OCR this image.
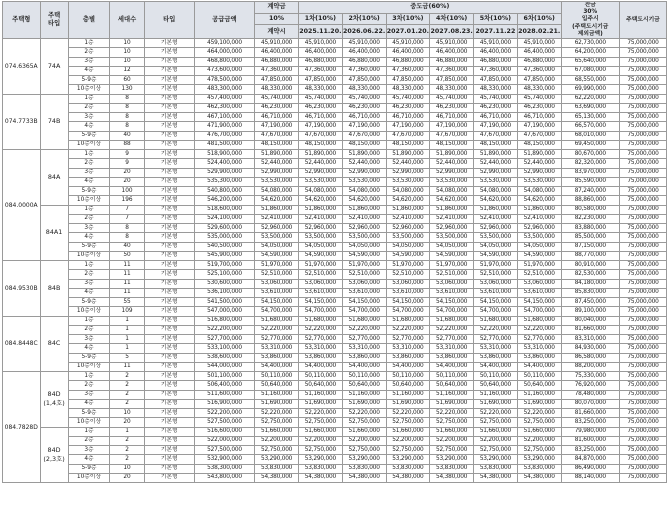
주택형	주택
타입	층별	세대수	타입	공급금액	계약금	중도금(60%)						잔금
30%
입주시
(주택도시기금
제외금액)	주택도시기금
						10%	1차(10%)	2차(10%)	3차(10%)	4차(10%)	5차(10%)	6차(10%)		
						계약시	2025.11.20.	2026.06.22.	2027.01.20.	2027.08.23.	2027.11.22	2028.02.21.		
074.6365A	74A	1층	10	기본형	459,100,000	45,910,000	45,910,000	45,910,000	45,910,000	45,910,000	45,910,000	45,910,000	62,730,000	75,000,000
		2층	10	기본형	464,000,000	46,400,000	46,400,000	46,400,000	46,400,000	46,400,000	46,400,000	46,400,000	64,200,000	75,000,000
		3층	10	기본형	468,800,000	46,880,000	46,880,000	46,880,000	46,880,000	46,880,000	46,880,000	46,880,000	65,640,000	75,000,000
		4층	12	기본형	473,600,000	47,360,000	47,360,000	47,360,000	47,360,000	47,360,000	47,360,000	47,360,000	67,080,000	75,000,000
		5-9층	60	기본형	478,500,000	47,850,000	47,850,000	47,850,000	47,850,000	47,850,000	47,850,000	47,850,000	68,550,000	75,000,000
		10층이상	130	기본형	483,300,000	48,330,000	48,330,000	48,330,000	48,330,000	48,330,000	48,330,000	48,330,000	69,990,000	75,000,000
074.7733B	74B	1층	8	기본형	457,400,000	45,740,000	45,740,000	45,740,000	45,740,000	45,740,000	45,740,000	45,740,000	62,220,000	75,000,000
		2층	8	기본형	462,300,000	46,230,000	46,230,000	46,230,000	46,230,000	46,230,000	46,230,000	46,230,000	63,690,000	75,000,000
		3층	8	기본형	467,100,000	46,710,000	46,710,000	46,710,000	46,710,000	46,710,000	46,710,000	46,710,000	65,130,000	75,000,000
		4층	8	기본형	471,900,000	47,190,000	47,190,000	47,190,000	47,190,000	47,190,000	47,190,000	47,190,000	66,570,000	75,000,000
		5-9층	40	기본형	476,700,000	47,670,000	47,670,000	47,670,000	47,670,000	47,670,000	47,670,000	47,670,000	68,010,000	75,000,000
		10층이상	88	기본형	481,500,000	48,150,000	48,150,000	48,150,000	48,150,000	48,150,000	48,150,000	48,150,000	69,450,000	75,000,000
084.0000A	84A	1층	9	기본형	518,900,000	51,890,000	51,890,000	51,890,000	51,890,000	51,890,000	51,890,000	51,890,000	80,670,000	75,000,000
		2층	9	기본형	524,400,000	52,440,000	52,440,000	52,440,000	52,440,000	52,440,000	52,440,000	52,440,000	82,320,000	75,000,000
		3층	20	기본형	529,900,000	52,990,000	52,990,000	52,990,000	52,990,000	52,990,000	52,990,000	52,990,000	83,970,000	75,000,000
		4층	20	기본형	535,300,000	53,530,000	53,530,000	53,530,000	53,530,000	53,530,000	53,530,000	53,530,000	85,590,000	75,000,000
		5-9층	100	기본형	540,800,000	54,080,000	54,080,000	54,080,000	54,080,000	54,080,000	54,080,000	54,080,000	87,240,000	75,000,000
		10층이상	196	기본형	546,200,000	54,620,000	54,620,000	54,620,000	54,620,000	54,620,000	54,620,000	54,620,000	88,860,000	75,000,000
	84A1	1층	7	기본형	518,600,000	51,860,000	51,860,000	51,860,000	51,860,000	51,860,000	51,860,000	51,860,000	80,580,000	75,000,000
		2층	7	기본형	524,100,000	52,410,000	52,410,000	52,410,000	52,410,000	52,410,000	52,410,000	52,410,000	82,230,000	75,000,000
		3층	8	기본형	529,600,000	52,960,000	52,960,000	52,960,000	52,960,000	52,960,000	52,960,000	52,960,000	83,880,000	75,000,000
		4층	8	기본형	535,000,000	53,500,000	53,500,000	53,500,000	53,500,000	53,500,000	53,500,000	53,500,000	85,500,000	75,000,000
		5-9층	40	기본형	540,500,000	54,050,000	54,050,000	54,050,000	54,050,000	54,050,000	54,050,000	54,050,000	87,150,000	75,000,000
		10층이상	50	기본형	545,900,000	54,590,000	54,590,000	54,590,000	54,590,000	54,590,000	54,590,000	54,590,000	88,770,000	75,000,000
084.9530B	84B	1층	11	기본형	519,700,000	51,970,000	51,970,000	51,970,000	51,970,000	51,970,000	51,970,000	51,970,000	80,910,000	75,000,000
		2층	11	기본형	525,100,000	52,510,000	52,510,000	52,510,000	52,510,000	52,510,000	52,510,000	52,510,000	82,530,000	75,000,000
		3층	11	기본형	530,600,000	53,060,000	53,060,000	53,060,000	53,060,000	53,060,000	53,060,000	53,060,000	84,180,000	75,000,000
		4층	11	기본형	536,100,000	53,610,000	53,610,000	53,610,000	53,610,000	53,610,000	53,610,000	53,610,000	85,830,000	75,000,000
		5-9층	55	기본형	541,500,000	54,150,000	54,150,000	54,150,000	54,150,000	54,150,000	54,150,000	54,150,000	87,450,000	75,000,000
		10층이상	109	기본형	547,000,000	54,700,000	54,700,000	54,700,000	54,700,000	54,700,000	54,700,000	54,700,000	89,100,000	75,000,000
084.8448C	84C	1층	1	기본형	516,800,000	51,680,000	51,680,000	51,680,000	51,680,000	51,680,000	51,680,000	51,680,000	80,040,000	75,000,000
		2층	1	기본형	522,200,000	52,220,000	52,220,000	52,220,000	52,220,000	52,220,000	52,220,000	52,220,000	81,660,000	75,000,000
		3층	1	기본형	527,700,000	52,770,000	52,770,000	52,770,000	52,770,000	52,770,000	52,770,000	52,770,000	83,310,000	75,000,000
		4층	1	기본형	533,100,000	53,310,000	53,310,000	53,310,000	53,310,000	53,310,000	53,310,000	53,310,000	84,930,000	75,000,000
		5-9층	5	기본형	538,600,000	53,860,000	53,860,000	53,860,000	53,860,000	53,860,000	53,860,000	53,860,000	86,580,000	75,000,000
		10층이상	11	기본형	544,000,000	54,400,000	54,400,000	54,400,000	54,400,000	54,400,000	54,400,000	54,400,000	88,200,000	75,000,000
084.7828D	84D
(1,4호)	1층	2	기본형	501,100,000	50,110,000	50,110,000	50,110,000	50,110,000	50,110,000	50,110,000	50,110,000	75,330,000	75,000,000
		2층	2	기본형	506,400,000	50,640,000	50,640,000	50,640,000	50,640,000	50,640,000	50,640,000	50,640,000	76,920,000	75,000,000
		3층	2	기본형	511,600,000	51,160,000	51,160,000	51,160,000	51,160,000	51,160,000	51,160,000	51,160,000	78,480,000	75,000,000
		4층	2	기본형	516,900,000	51,690,000	51,690,000	51,690,000	51,690,000	51,690,000	51,690,000	51,690,000	80,070,000	75,000,000
		5-9층	10	기본형	522,200,000	52,220,000	52,220,000	52,220,000	52,220,000	52,220,000	52,220,000	52,220,000	81,660,000	75,000,000
		10층이상	20	기본형	527,500,000	52,750,000	52,750,000	52,750,000	52,750,000	52,750,000	52,750,000	52,750,000	83,250,000	75,000,000
	84D
(2,3호)	1층	1	기본형	516,600,000	51,660,000	51,660,000	51,660,000	51,660,000	51,660,000	51,660,000	51,660,000	79,980,000	75,000,000
		2층	2	기본형	522,000,000	52,200,000	52,200,000	52,200,000	52,200,000	52,200,000	52,200,000	52,200,000	81,600,000	75,000,000
		3층	2	기본형	527,500,000	52,750,000	52,750,000	52,750,000	52,750,000	52,750,000	52,750,000	52,750,000	83,250,000	75,000,000
		4층	2	기본형	532,900,000	53,290,000	53,290,000	53,290,000	53,290,000	53,290,000	53,290,000	53,290,000	84,870,000	75,000,000
		5-9층	10	기본형	538,300,000	53,830,000	53,830,000	53,830,000	53,830,000	53,830,000	53,830,000	53,830,000	86,490,000	75,000,000
		10층이상	20	기본형	543,800,000	54,380,000	54,380,000	54,380,000	54,380,000	54,380,000	54,380,000	54,380,000	88,140,000	75,000,000
